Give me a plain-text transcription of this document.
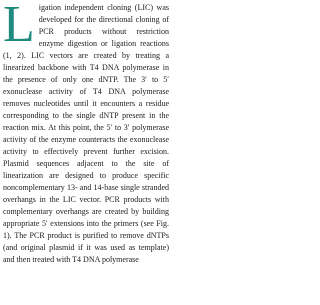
L igation independent cloning (LIC) was developed for the directional cloning of PCR products without restriction enzyme digestion or ligation reactions (1, 2). LIC vectors are created by treating a linearized backbone with T4 DNA polymerase in the presence of only one dNTP. The 3′ to 5′ exonuclease activity of T4 DNA polymerase removes nucleotides until it encounters a residue corresponding to the single dNTP present in the reaction mix. At this point, the 5′ to 3′ polymerase activity of the enzyme counteracts the exonuclease activity to effectively prevent further excision. Plasmid sequences adjacent to the site of linearization are designed to produce specific noncomplementary 13- and 14-base single stranded overhangs in the LIC vector. PCR products with complementary overhangs are created by building appropriate 5′ extensions into the primers (see Fig. 1). The PCR product is purified to remove dNTPs (and original plasmid if it was used as template) and then treated with T4 DNA polymerase
